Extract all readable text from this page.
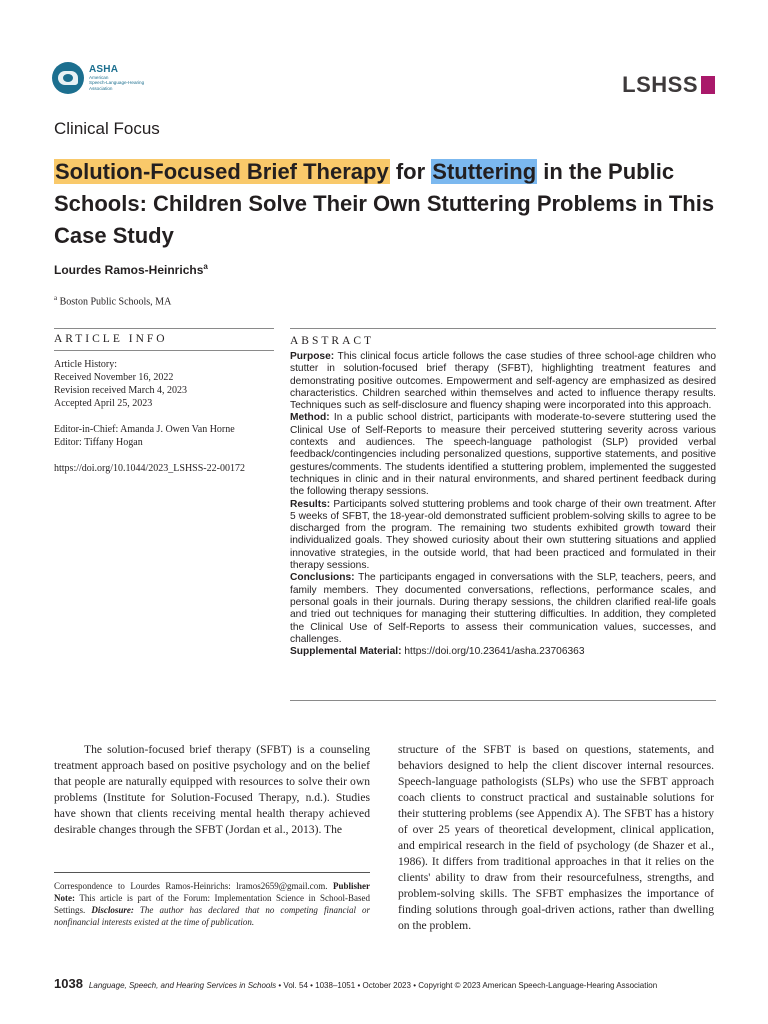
ASHA
American
Speech-Language-Hearing
Association	LSHSS
Clinical Focus
Solution-Focused Brief Therapy for Stuttering in the Public Schools: Children Solve Their Own Stuttering Problems in This Case Study
Lourdes Ramos-Heinrichs$^a$
$^a$ Boston Public Schools, MA
ARTICLE INFO
Article History:
Received November 16, 2022
Revision received March 4, 2023
Accepted April 25, 2023
Editor-in-Chief: Amanda J. Owen Van Horne
Editor: Tiffany Hogan
https://doi.org/10.1044/2023_LSHSS-22-00172
ABSTRACT

Purpose: This clinical focus article follows the case studies of three school-age children who stutter in solution-focused brief therapy (SFBT), highlighting treatment features and demonstrating positive outcomes. Empowerment and self-agency are emphasized as desired characteristics. Children searched within themselves and acted to influence therapy results. Techniques such as self-disclosure and fluency shaping were incorporated into this approach.

Method: In a public school district, participants with moderate-to-severe stuttering used the Clinical Use of Self-Reports to measure their perceived stuttering severity across various contexts and audiences. The speech-language pathologist (SLP) provided verbal feedback/contingencies including personalized questions, supportive statements, and positive gestures/comments. The students identified a stuttering problem, implemented the suggested techniques in clinic and in their natural environments, and shared pertinent feedback during the following therapy sessions.

Results: Participants solved stuttering problems and took charge of their own treatment. After 5 weeks of SFBT, the 18-year-old demonstrated sufficient problem-solving skills to agree to be discharged from the program. The remaining two students exhibited growth toward their individualized goals. They showed curiosity about their own stuttering situations and applied innovative strategies, in the outside world, that had been practiced and formulated in their therapy sessions.

Conclusions: The participants engaged in conversations with the SLP, teachers, peers, and family members. They documented conversations, reflections, performance scales, and personal goals in their journals. During therapy sessions, the children clarified real-life goals and tried out techniques for managing their stuttering difficulties. In addition, they completed the Clinical Use of Self-Reports to assess their communication values, successes, and challenges.

Supplemental Material: https://doi.org/10.23641/asha.23706363

The solution-focused brief therapy (SFBT) is a counseling treatment approach based on positive psychology and on the belief that people are naturally equipped with resources to solve their own problems (Institute for Solution-Focused Therapy, n.d.). Studies have shown that clients receiving mental health therapy achieved desirable changes through the SFBT (Jordan et al., 2013). The
structure of the SFBT is based on questions, statements, and behaviors designed to help the client discover internal resources. Speech-language pathologists (SLPs) who use the SFBT approach coach clients to construct practical and sustainable solutions for their stuttering problems (see Appendix A). The SFBT has a history of over 25 years of theoretical development, clinical application, and empirical research in the field of psychology (de Shazer et al., 1986). It differs from traditional approaches in that it relies on the clients' ability to draw from their resourcefulness, strengths, and problem-solving skills. The SFBT emphasizes the importance of finding solutions through goal-driven actions, rather than dwelling on the problem.
Correspondence to Lourdes Ramos-Heinrichs: lramos2659@gmail.com. Publisher Note: This article is part of the Forum: Implementation Science in School-Based Settings. Disclosure: The author has declared that no competing financial or nonfinancial interests existed at the time of publication.
1038 Language, Speech, and Hearing Services in Schools • Vol. 54 • 1038–1051 • October 2023 • Copyright © 2023 American Speech-Language-Hearing Association
